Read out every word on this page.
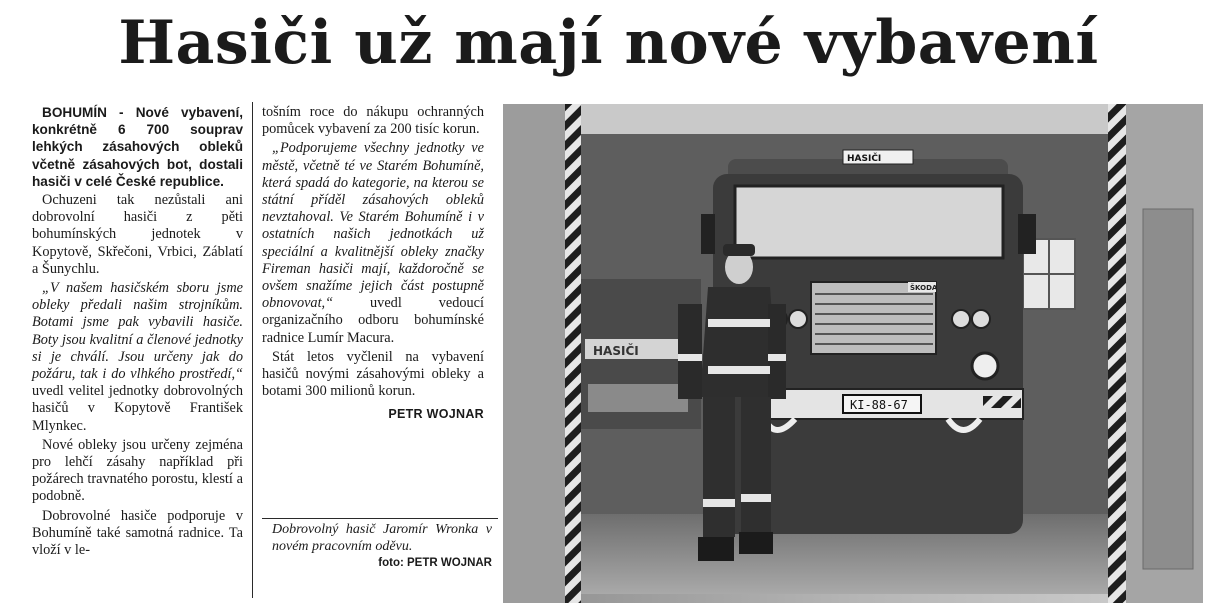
Hasiči už mají nové vybavení

BOHUMÍN - Nové vybavení, konkrétně 6 700 souprav lehkých zásahových obleků včetně zásahových bot, dostali hasiči v celé České republice.

Ochuzeni tak nezůstali ani dobrovolní hasiči z pěti bohumínských jednotek v Kopytově, Skřečoni, Vrbici, Záblatí a Šunychlu.

„V našem hasičském sboru jsme obleky předali našim strojníkům. Botami jsme pak vybavili hasiče. Boty jsou kvalitní a členové jednotky si je chválí. Jsou určeny jak do požáru, tak i do vlhkého prostředí,“ uvedl velitel jednotky dobrovolných hasičů v Kopytově František Mlynkec.

Nové obleky jsou určeny zejména pro lehčí zásahy například při požárech travnatého porostu, klestí a podobně.

Dobrovolné hasiče podporuje v Bohumíně také samotná radnice. Ta vloží v le-

tošním roce do nákupu ochranných pomůcek vybavení za 200 tisíc korun.

„Podporujeme všechny jednotky ve městě, včetně té ve Starém Bohumíně, která spadá do kategorie, na kterou se státní příděl zásahových obleků nevztahoval. Ve Starém Bohumíně i v ostatních našich jednotkách už speciální a kvalitnější obleky značky Fireman hasiči mají, každoročně se ovšem snažíme jejich část postupně obnovovat,“	uvedl vedoucí organizačního odboru bohumínské radnice Lumír Macura.

Stát letos vyčlenil na vybavení hasičů novými zásahovými obleky a botami 300 milionů korun.

PETR WOJNAR
Dobrovolný hasič Jaromír Wronka v novém pracovním oděvu.
foto: PETR WOJNAR
HASIČI
HASIČI
ŠKODA
KI-88-67
